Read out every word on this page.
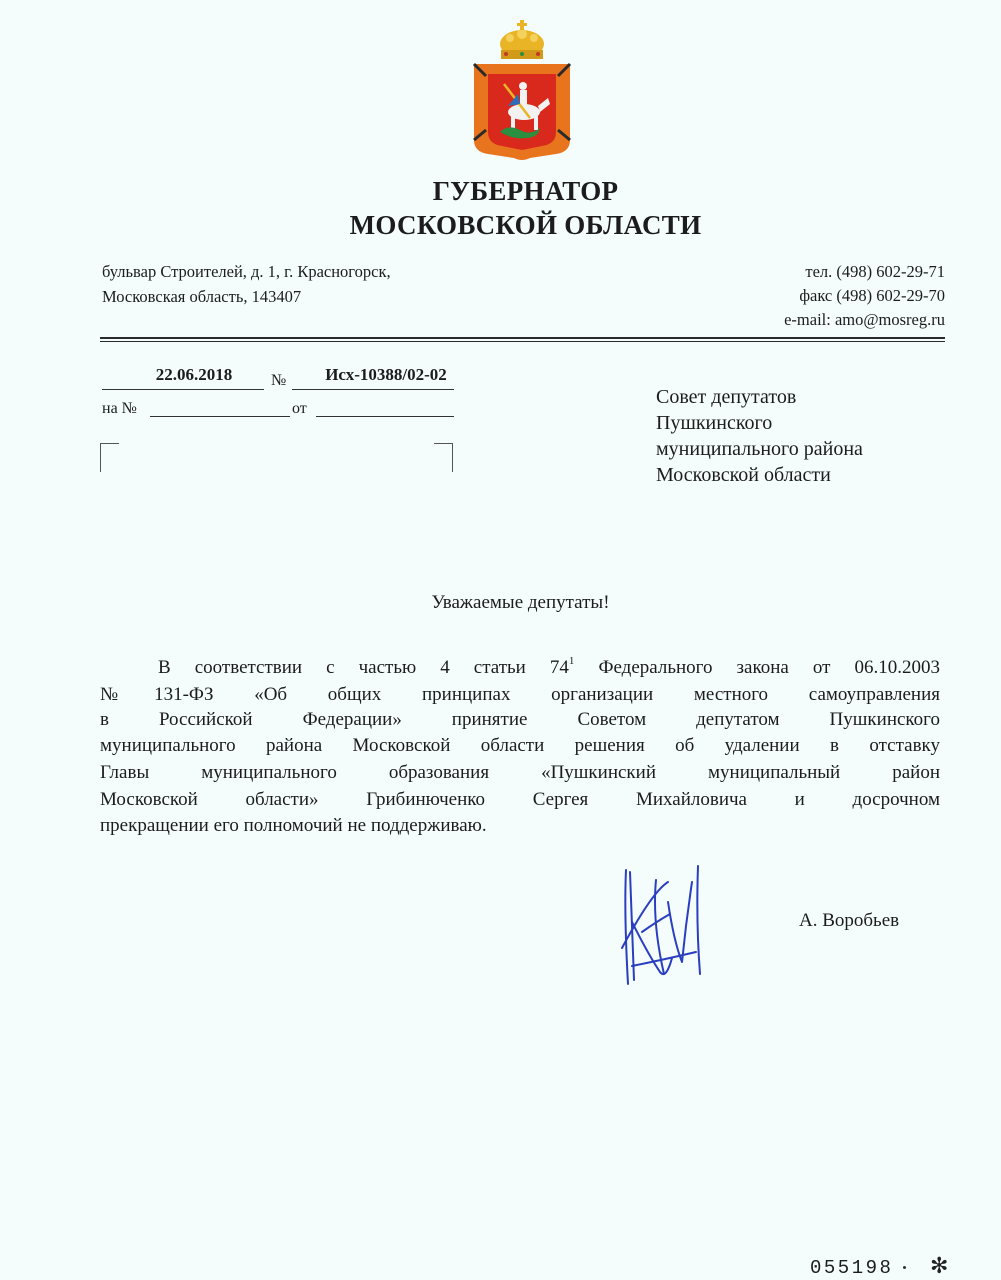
ГУБЕРНАТОР
МОСКОВСКОЙ ОБЛАСТИ
бульвар Строителей, д. 1, г. Красногорск,
Московская область, 143407
тел. (498) 602-29-71
факс (498) 602-29-70
e-mail: amo@mosreg.ru
22.06.2018	№	Исх-10388/02-02
на №	от
Совет депутатов
Пушкинского
муниципального района
Московской области
Уважаемые депутаты!
В соответствии с частью 4 статьи $74^1$ Федерального закона от 06.10.2003
№131-ФЗ «Об общих принципах организации местного самоуправления
в Российской Федерации» принятие Советом депутатом Пушкинского
муниципального района Московской области решения об удалении в отставку
Главы муниципального образования «Пушкинский муниципальный район
Московской области» Грибинюченко Сергея Михайловича и досрочном
прекращении его полномочий не поддерживаю.
А. Воробьев
055198 ✻
